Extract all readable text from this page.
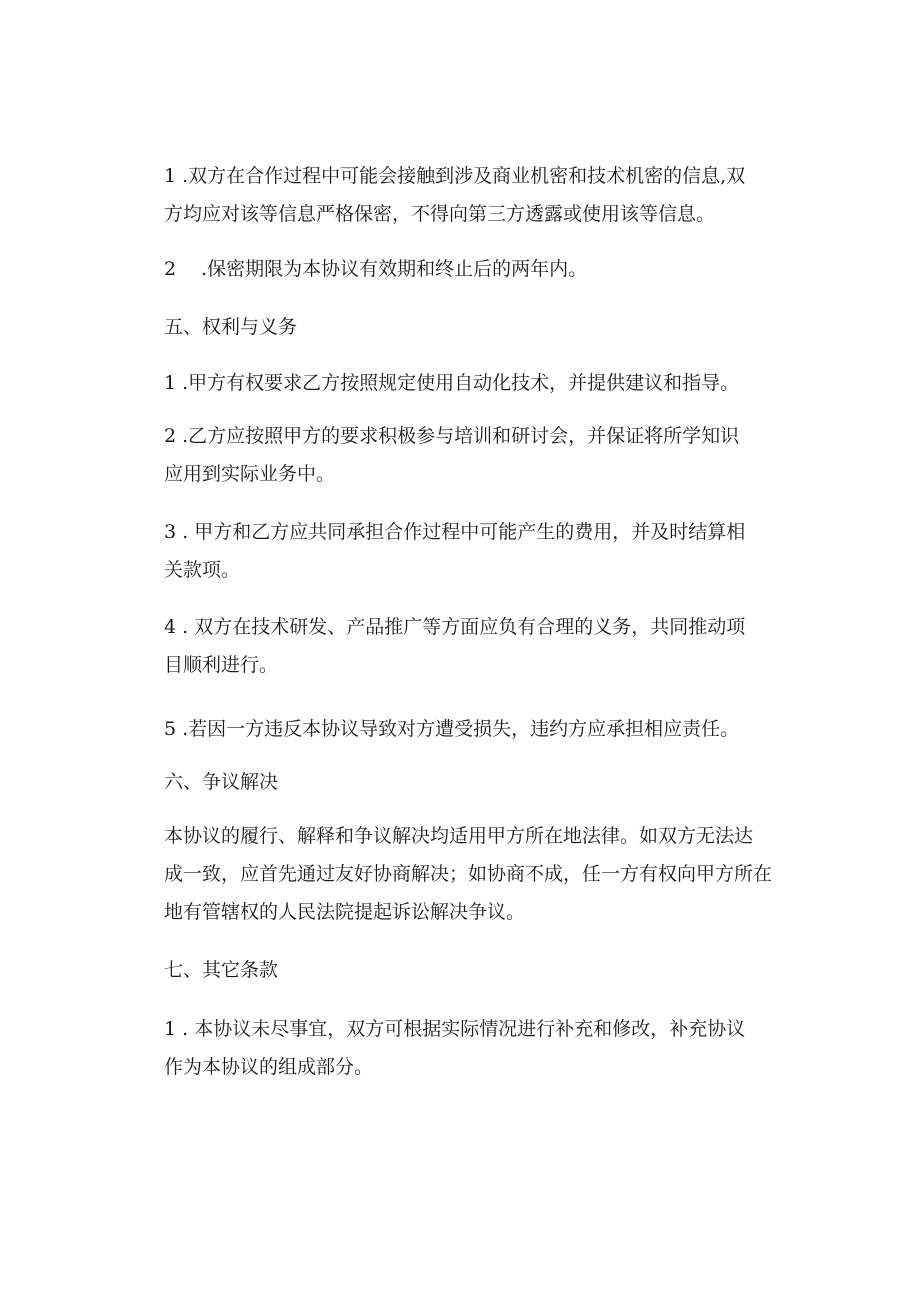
1 .双方在合作过程中可能会接触到涉及商业机密和技术机密的信息,双
方均应对该等信息严格保密，不得向第三方透露或使用该等信息。

2　 .保密期限为本协议有效期和终止后的两年内。

五、权利与义务

1 .甲方有权要求乙方按照规定使用自动化技术，并提供建议和指导。

2 .乙方应按照甲方的要求积极参与培训和研讨会，并保证将所学知识
应用到实际业务中。

3 . 甲方和乙方应共同承担合作过程中可能产生的费用，并及时结算相
关款项。

4 . 双方在技术研发、产品推广等方面应负有合理的义务，共同推动项
目顺利进行。

5 .若因一方违反本协议导致对方遭受损失，违约方应承担相应责任。

六、争议解决

本协议的履行、解释和争议解决均适用甲方所在地法律。如双方无法达
成一致，应首先通过友好协商解决；如协商不成，任一方有权向甲方所在
地有管辖权的人民法院提起诉讼解决争议。

七、其它条款

1 . 本协议未尽事宜，双方可根据实际情况进行补充和修改，补充协议
作为本协议的组成部分。
